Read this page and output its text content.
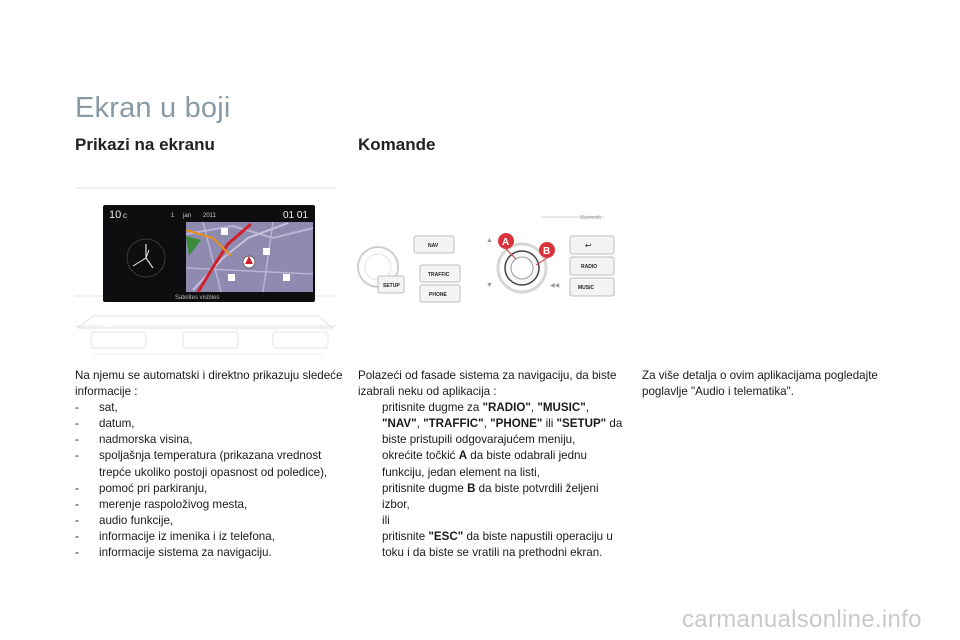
Ekran u boji
Prikazi na ekranu	Komande
10 c	1 jan 2011	01 01
Satelites visibles
Bluetooth
SETUP
NAV
TRAFFIC
PHONE
↩
RADIO
MUSIC
▲
▼	◀◀
A
B
Na njemu se automatski i direktno prikazuju sledeće informacije :
-	sat,
-	datum,
-	nadmorska visina,
-	spoljašnja temperatura (prikazana vrednost trepće ukoliko postoji opasnost od poledice),
-	pomoć pri parkiranju,
-	merenje raspoloživog mesta,
-	audio funkcije,
-	informacije iz imenika i iz telefona,
-	informacije sistema za navigaciju.
Polazeći od fasade sistema za navigaciju, da biste izabrali neku od aplikacija :
pritisnite dugme za "RADIO", "MUSIC", "NAV", "TRAFFIC", "PHONE" ili "SETUP" da biste pristupili odgovarajućem meniju,
okrećite točkić A da biste odabrali jednu funkciju, jedan element na listi,
pritisnite dugme B da biste potvrdili željeni izbor,
ili
pritisnite "ESC" da biste napustili operaciju u toku i da biste se vratili na prethodni ekran.
Za više detalja o ovim aplikacijama pogledajte poglavlje "Audio i telematika".
carmanualsonline.info
